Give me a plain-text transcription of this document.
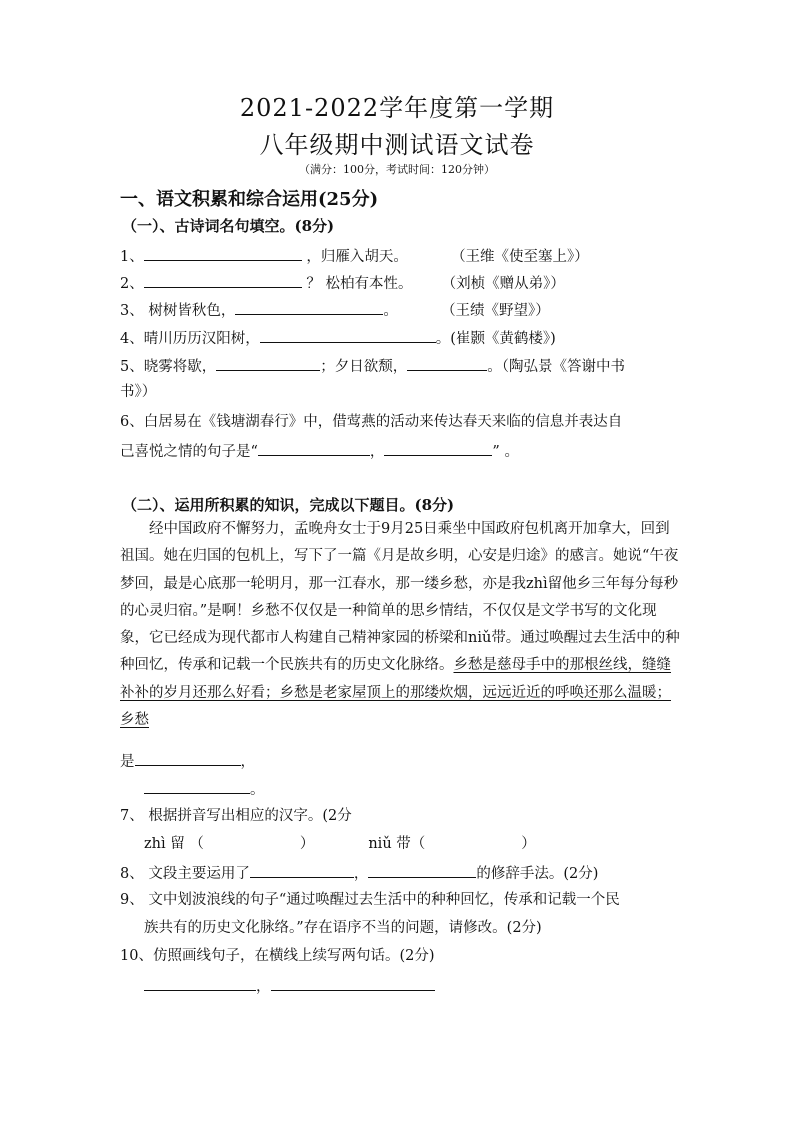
2021-2022学年度第一学期
八年级期中测试语文试卷
（满分：100分，考试时间：120分钟）
一、语文积累和综合运用(25分)
（一）、古诗词名句填空。(8分)
1、	，归雁入胡天。	（王维《使至塞上》）
2、	？ 松柏有本性。 （刘桢《赠从弟》）
3、 树树皆秋色，	。	（王绩《野望》）
4、晴川历历汉阳树，	。(崔颢《黄鹤楼》)
5、晓雾将歇，	；夕日欲颓，	。（陶弘景《答谢中书
书》）
6、白居易在《钱塘湖春行》中，借莺燕的活动来传达春天来临的信息并表达自
己喜悦之情的句子是“	，	” 。
（二）、运用所积累的知识，完成以下题目。(8分)
经中国政府不懈努力，孟晚舟女士于9月25日乘坐中国政府包机离开加拿大，回到祖国。她在归国的包机上，写下了一篇《月是故乡明，心安是归途》的感言。她说“午夜梦回，最是心底那一轮明月，那一江春水，那一缕乡愁，亦是我zhì留他乡三年每分每秒的心灵归宿。”是啊！乡愁不仅仅是一种简单的思乡情结，不仅仅是文学书写的文化现象，它已经成为现代都市人构建自己精神家园的桥梁和niǔ带。通过唤醒过去生活中的种种回忆，传承和记载一个民族共有的历史文化脉络。乡愁是慈母手中的那根丝线，缝缝补补的岁月还那么好看；乡愁是老家屋顶上的那缕炊烟，远远近近的呼唤还那么温暖；乡愁
是	，
。
7、 根据拼音写出相应的汉字。(2分
zhì 留 （	）	niǔ 带（	）
8、 文段主要运用了	，	的修辞手法。(2分)
9、 文中划波浪线的句子“通过唤醒过去生活中的种种回忆，传承和记载一个民
族共有的历史文化脉络。”存在语序不当的问题，请修改。(2分)
10、仿照画线句子，在横线上续写两句话。(2分)
，
